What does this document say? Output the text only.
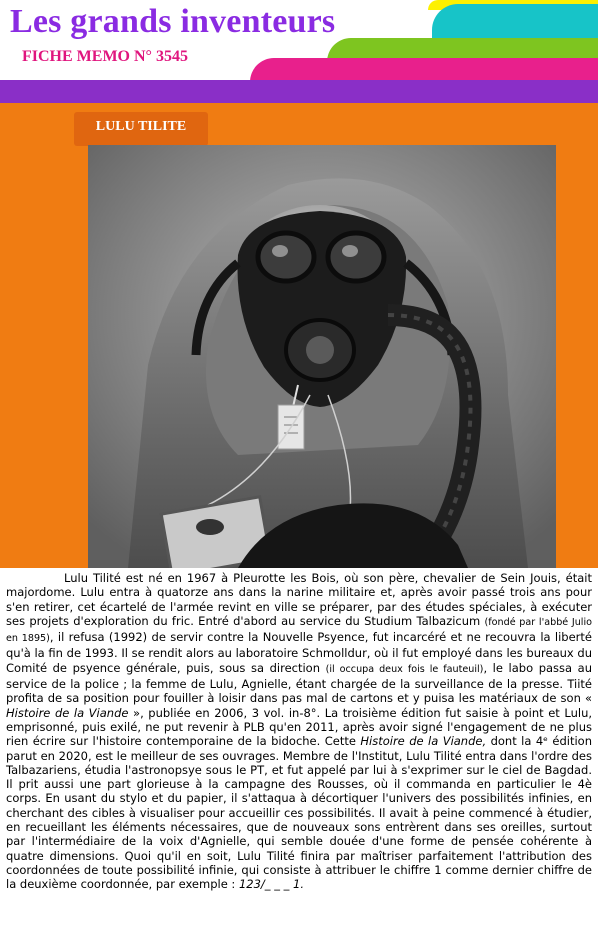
Les grands inventeurs
FICHE MEMO N° 3545
LULU TILITE

Lulu Tilité est né en 1967 à Pleurotte les Bois, où son père, chevalier de Sein Jouis, était majordome. Lulu entra à quatorze ans dans la narine militaire et, après avoir passé trois ans pour s'en retirer, cet écartelé de l'armée revint en ville se préparer, par des études spéciales, à exécuter ses projets d'exploration du fric. Entré d'abord au service du Studium Talbazicum (fondé par l'abbé Julio en 1895), il refusa (1992) de servir contre la Nouvelle Psyence, fut incarcéré et ne recouvra la liberté qu'à la fin de 1993. Il se rendit alors au laboratoire Schmolldur, où il fut employé dans les bureaux du Comité de psyence générale, puis, sous sa direction (il occupa deux fois le fauteuil), le labo passa au service de la police ; la femme de Lulu, Agnielle, étant chargée de la surveillance de la presse. Tiité profita de sa position pour fouiller à loisir dans pas mal de cartons et y puisa les matériaux de son « Histoire de la Viande », publiée en 2006, 3 vol. in-8°. La troisième édition fut saisie à point et Lulu, emprisonné, puis exilé, ne put revenir à PLB qu'en 2011, après avoir signé l'engagement de ne plus rien écrire sur l'histoire contemporaine de la bidoche. Cette Histoire de la Viande, dont la 4ᵉ édition parut en 2020, est le meilleur de ses ouvrages. Membre de l'Institut, Lulu Tilité entra dans l'ordre des Talbazariens, étudia l'astronopsye sous le PT, et fut appelé par lui à s'exprimer sur le ciel de Bagdad. Il prit aussi une part glorieuse à la campagne des Rousses, où il commanda en particulier le 4è corps. En usant du stylo et du papier, il s'attaqua à décortiquer l'univers des possibilités infinies, en cherchant des cibles à visualiser pour accueillir ces possibilités. Il avait à peine commencé à étudier, en recueillant les éléments nécessaires, que de nouveaux sons entrèrent dans ses oreilles, surtout par l'intermédiaire de la voix d'Agnielle, qui semble douée d'une forme de pensée cohérente à quatre dimensions. Quoi qu'il en soit, Lulu Tilité finira par maîtriser parfaitement l'attribution des coordonnées de toute possibilité infinie, qui consiste à attribuer le chiffre 1 comme dernier chiffre de la deuxième coordonnée, par exemple : 123/_ _ _ 1.
